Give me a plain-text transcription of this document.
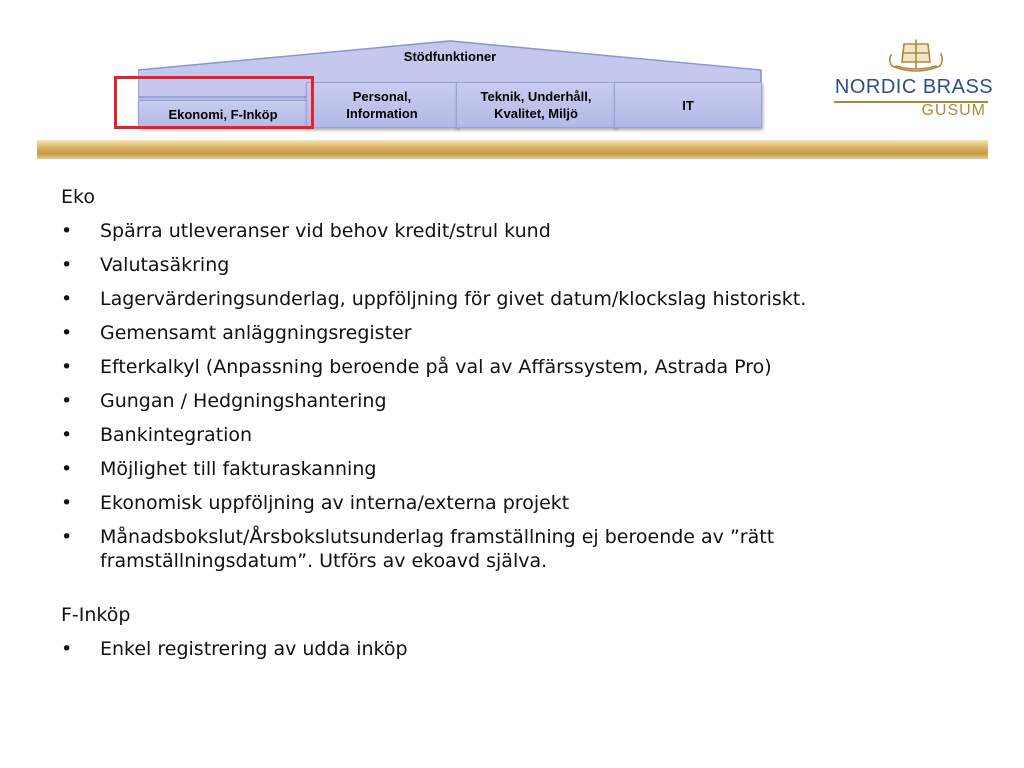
Stödfunktioner
Ekonomi, F-Inköp
Personal,
Information
Teknik, Underhåll,
Kvalitet, Miljö
IT
NORDIC BRASS
GUSUM
Eko
• Spärra utleveranser vid behov kredit/strul kund
• Valutasäkring
• Lagervärderingsunderlag, uppföljning för givet datum/klockslag historiskt.
• Gemensamt anläggningsregister
• Efterkalkyl (Anpassning beroende på val av Affärssystem, Astrada Pro)
• Gungan / Hedgningshantering
• Bankintegration
• Möjlighet till fakturaskanning
• Ekonomisk uppföljning av interna/externa projekt
• Månadsbokslut/Årsbokslutsunderlag framställning ej beroende av ”rätt framställningsdatum”. Utförs av ekoavd själva.
F-Inköp
• Enkel registrering av udda inköp
